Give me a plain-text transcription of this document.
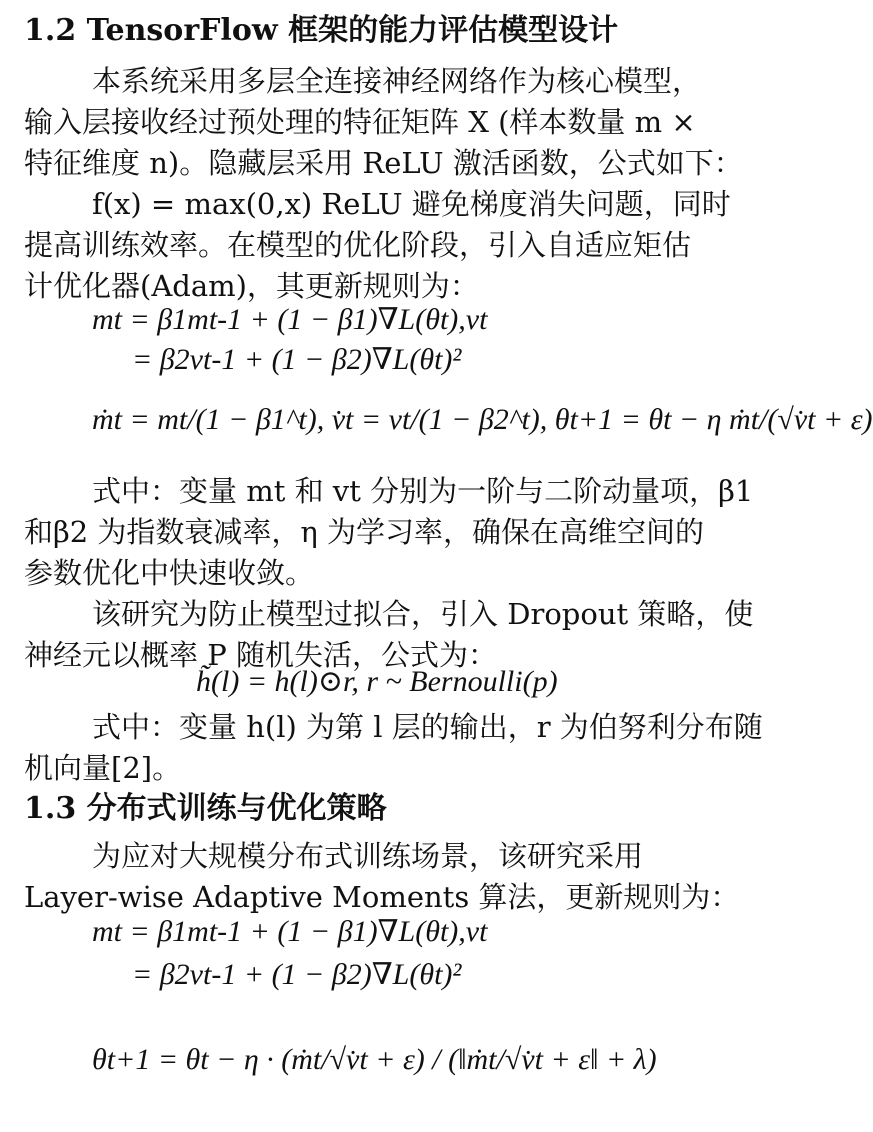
1.2 TensorFlow 框架的能力评估模型设计
本系统采用多层全连接神经网络作为核心模型，
输入层接收经过预处理的特征矩阵 X (样本数量 m ×
特征维度 n)。隐藏层采用 ReLU 激活函数，公式如下：
f(x) = max(0,x) ReLU 避免梯度消失问题，同时
提高训练效率。在模型的优化阶段，引入自适应矩估
计优化器(Adam)，其更新规则为：
mt = β1mt-1 + (1 − β1)∇L(θt),vt
= β2vt-1 + (1 − β2)∇L(θt)²
ṁt = mt/(1 − β1^t), v̇t = vt/(1 − β2^t), θt+1 = θt − η ṁt/(√v̇t + ε)
式中：变量 mt 和 vt 分别为一阶与二阶动量项，β1
和β2 为指数衰减率，η 为学习率，确保在高维空间的
参数优化中快速收敛。
该研究为防止模型过拟合，引入 Dropout 策略，使
神经元以概率 P 随机失活，公式为：
h̃(l) = h(l)⊙r, r ~ Bernoulli(p)
式中：变量 h(l) 为第 l 层的输出，r 为伯努利分布随
机向量[2]。
1.3 分布式训练与优化策略
为应对大规模分布式训练场景，该研究采用
Layer-wise Adaptive Moments 算法，更新规则为：
mt = β1mt-1 + (1 − β1)∇L(θt),vt
= β2vt-1 + (1 − β2)∇L(θt)²
θt+1 = θt − η · (ṁt/√v̇t + ε) / (‖ṁt/√v̇t + ε‖ + λ)
